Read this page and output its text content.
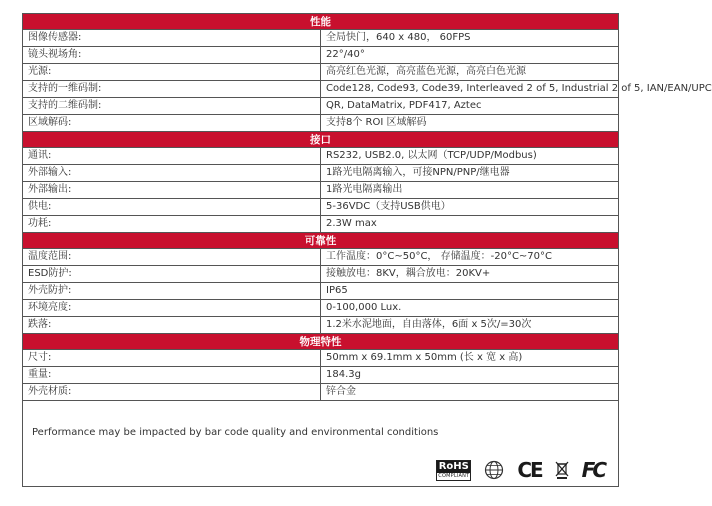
性能	
图像传感器:	全局快门，640 x 480， 60FPS
镜头视场角:	22°/40°
光源:	高亮红色光源，高亮蓝色光源，高亮白色光源
支持的一维码制:	Code128, Code93, Code39, Interleaved 2 of 5, Industrial 2 of 5, IAN/EAN/UPC
支持的二维码制:	QR, DataMatrix, PDF417, Aztec
区域解码:	支持8个 ROI 区域解码
接口	
通讯:	RS232, USB2.0, 以太网（TCP/UDP/Modbus)
外部输入:	1路光电隔离输入，可接NPN/PNP/继电器
外部输出:	1路光电隔离输出
供电:	5-36VDC（支持USB供电）
功耗:	2.3W max
可靠性	
温度范围:	工作温度：0°C~50°C， 存储温度：-20°C~70°C
ESD防护:	接触放电：8KV，耦合放电：20KV+
外壳防护:	IP65
环境亮度:	0-100,000 Lux.
跌落:	1.2米水泥地面，自由落体，6面 x 5次/=30次
物理特性	
尺寸:	50mm x 69.1mm x 50mm (长 x 宽 x 高)
重量:	184.3g
外壳材质:	锌合金
Performance may be impacted by bar code quality and environmental conditions
RoHS
COMPLIANT CE FC
